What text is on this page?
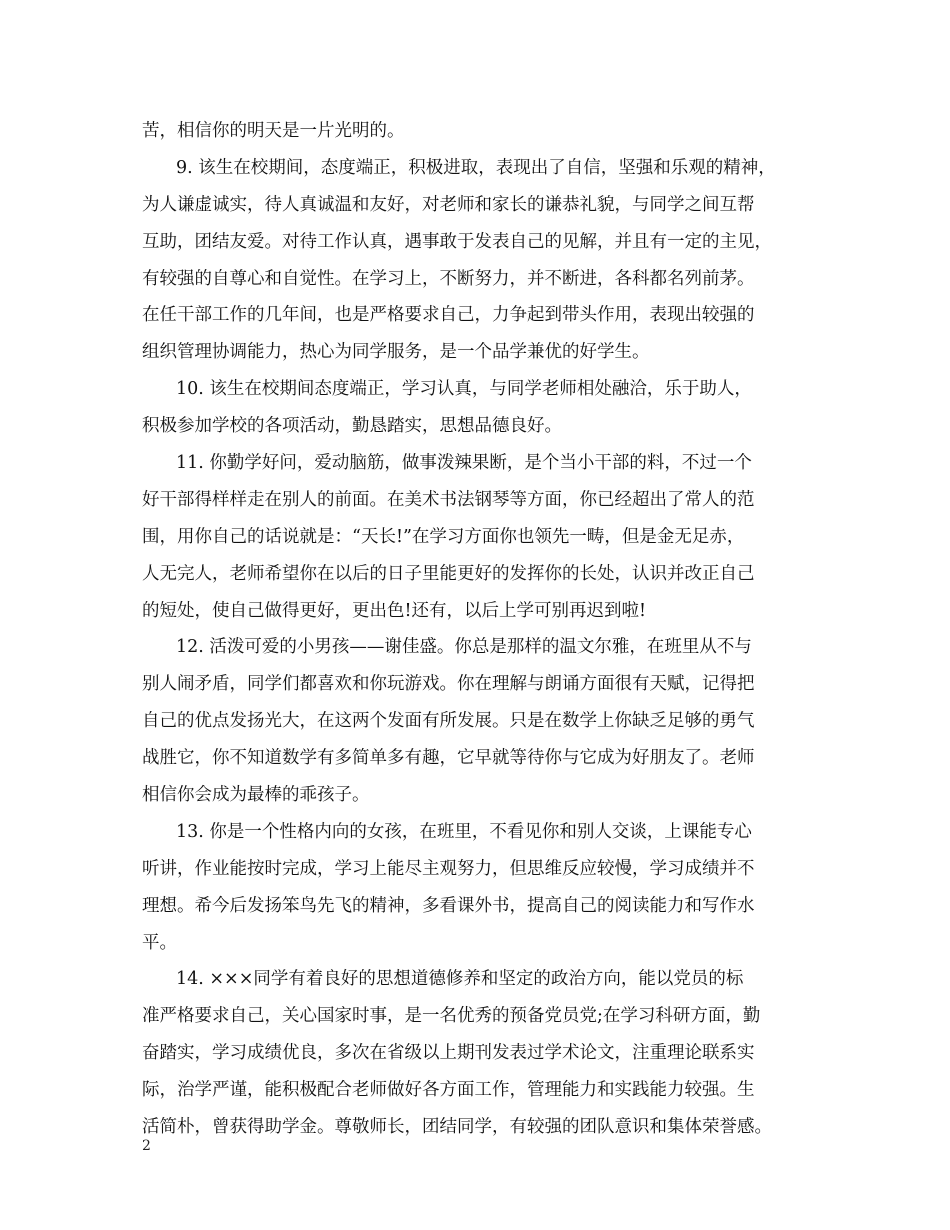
苦，相信你的明天是一片光明的。
9. 该生在校期间，态度端正，积极进取，表现出了自信，坚强和乐观的精神，
为人谦虚诚实，待人真诚温和友好，对老师和家长的谦恭礼貌，与同学之间互帮
互助，团结友爱。对待工作认真，遇事敢于发表自己的见解，并且有一定的主见，
有较强的自尊心和自觉性。在学习上，不断努力，并不断进，各科都名列前茅。
在任干部工作的几年间，也是严格要求自己，力争起到带头作用，表现出较强的
组织管理协调能力，热心为同学服务，是一个品学兼优的好学生。
10. 该生在校期间态度端正，学习认真，与同学老师相处融洽，乐于助人，
积极参加学校的各项活动，勤恳踏实，思想品德良好。
11. 你勤学好问，爱动脑筋，做事泼辣果断，是个当小干部的料，不过一个
好干部得样样走在别人的前面。在美术书法钢琴等方面，你已经超出了常人的范
围，用你自己的话说就是：“天长!”在学习方面你也领先一畴，但是金无足赤，
人无完人，老师希望你在以后的日子里能更好的发挥你的长处，认识并改正自己
的短处，使自己做得更好，更出色!还有，以后上学可别再迟到啦!
12. 活泼可爱的小男孩——谢佳盛。你总是那样的温文尔雅，在班里从不与
别人闹矛盾，同学们都喜欢和你玩游戏。你在理解与朗诵方面很有天赋，记得把
自己的优点发扬光大，在这两个发面有所发展。只是在数学上你缺乏足够的勇气
战胜它，你不知道数学有多简单多有趣，它早就等待你与它成为好朋友了。老师
相信你会成为最棒的乖孩子。
13. 你是一个性格内向的女孩，在班里，不看见你和别人交谈，上课能专心
听讲，作业能按时完成，学习上能尽主观努力，但思维反应较慢，学习成绩并不
理想。希今后发扬笨鸟先飞的精神，多看课外书，提高自己的阅读能力和写作水
平。
14. ×××同学有着良好的思想道德修养和坚定的政治方向，能以党员的标
准严格要求自己，关心国家时事，是一名优秀的预备党员党;在学习科研方面，勤
奋踏实，学习成绩优良，多次在省级以上期刊发表过学术论文，注重理论联系实
际，治学严谨，能积极配合老师做好各方面工作，管理能力和实践能力较强。生
活简朴，曾获得助学金。尊敬师长，团结同学，有较强的团队意识和集体荣誉感。
2
